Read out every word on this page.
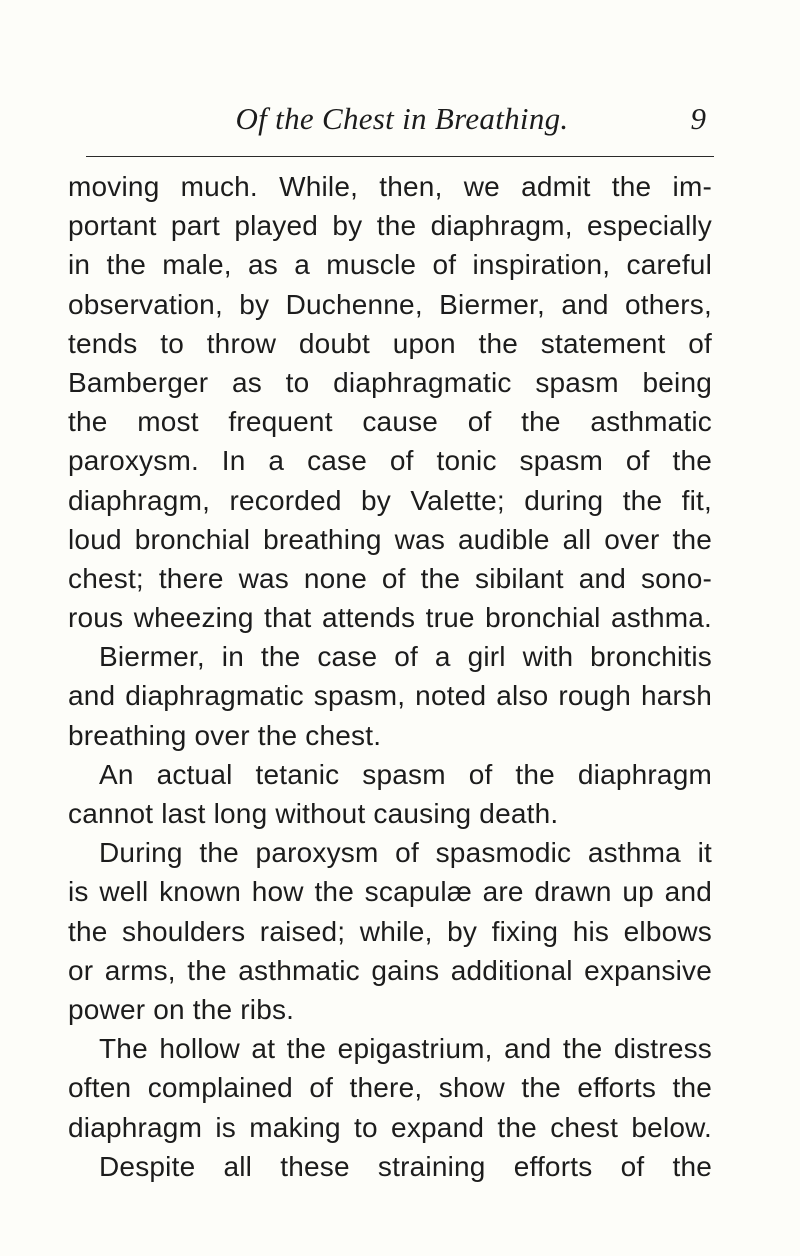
Of the Chest in Breathing.	9
moving much. While, then, we admit the im-
portant part played by the diaphragm, especially
in the male, as a muscle of inspiration, careful
observation, by Duchenne, Biermer, and others,
tends to throw doubt upon the statement of
Bamberger as to diaphragmatic spasm being
the most frequent cause of the asthmatic
paroxysm. In a case of tonic spasm of the
diaphragm, recorded by Valette; during the fit,
loud bronchial breathing was audible all over the
chest; there was none of the sibilant and sono-
rous wheezing that attends true bronchial asthma.
Biermer, in the case of a girl with bronchitis
and diaphragmatic spasm, noted also rough harsh
breathing over the chest.
An actual tetanic spasm of the diaphragm
cannot last long without causing death.
During the paroxysm of spasmodic asthma it
is well known how the scapulæ are drawn up and
the shoulders raised; while, by fixing his elbows
or arms, the asthmatic gains additional expansive
power on the ribs.
The hollow at the epigastrium, and the distress
often complained of there, show the efforts the
diaphragm is making to expand the chest below.
Despite all these straining efforts of the
